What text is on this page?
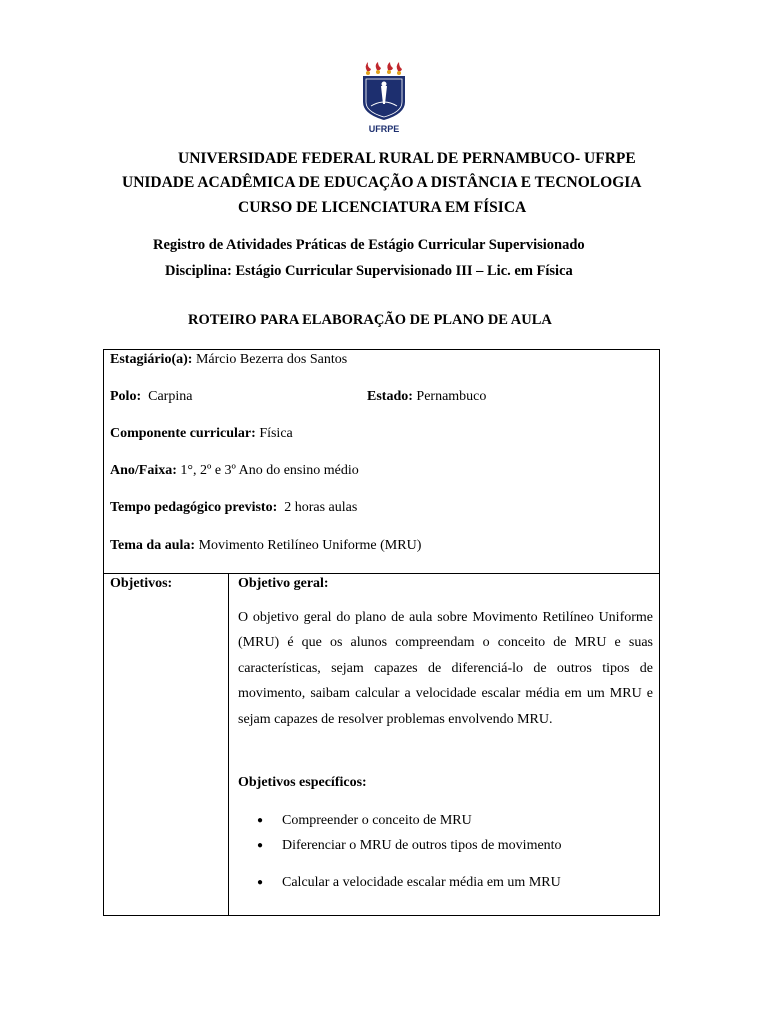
UFRPE
UNIVERSIDADE FEDERAL RURAL DE PERNAMBUCO- UFRPE
UNIDADE ACADÊMICA DE EDUCAÇÃO A DISTÂNCIA E TECNOLOGIA
CURSO DE LICENCIATURA EM FÍSICA
Registro de Atividades Práticas de Estágio Curricular Supervisionado
Disciplina: Estágio Curricular Supervisionado III – Lic. em Física
ROTEIRO PARA ELABORAÇÃO DE PLANO DE AULA
Estagiário(a): Márcio Bezerra dos Santos
Polo: Carpina	Estado: Pernambuco
Componente curricular: Física
Ano/Faixa: 1°, 2º e 3º Ano do ensino médio
Tempo pedagógico previsto: 2 horas aulas
Tema da aula: Movimento Retilíneo Uniforme (MRU)
Objetivos:	Objetivo geral:
O objetivo geral do plano de aula sobre Movimento Retilíneo Uniforme (MRU) é que os alunos compreendam o conceito de MRU e suas características, sejam capazes de diferenciá-lo de outros tipos de movimento, saibam calcular a velocidade escalar média em um MRU e sejam capazes de resolver problemas envolvendo MRU.
Objetivos específicos:
● Compreender o conceito de MRU
● Diferenciar o MRU de outros tipos de movimento
● Calcular a velocidade escalar média em um MRU
